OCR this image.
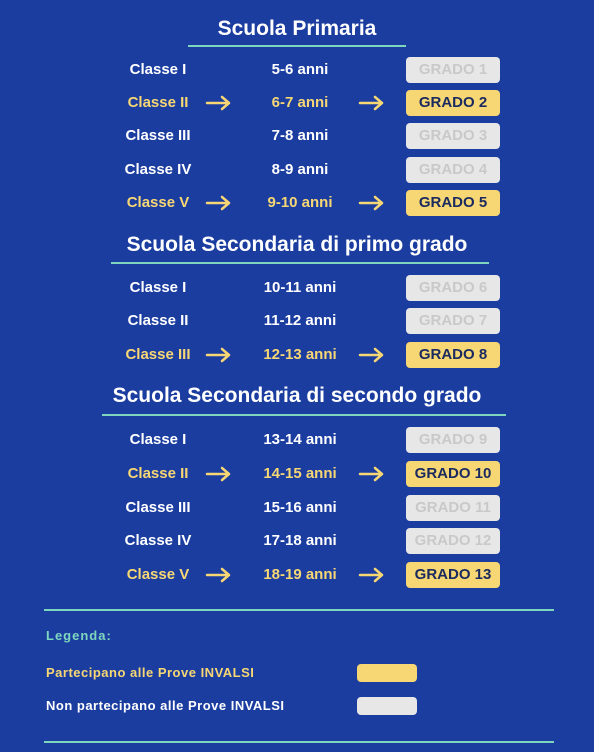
Scuola Primaria
Classe I	5-6 anni	GRADO 1
Classe II	6-7 anni	GRADO 2
Classe III	7-8 anni	GRADO 3
Classe IV	8-9 anni	GRADO 4
Classe V	9-10 anni	GRADO 5
Scuola Secondaria di primo grado
Classe I	10-11 anni	GRADO 6
Classe II	11-12 anni	GRADO 7
Classe III	12-13 anni	GRADO 8
Scuola Secondaria di secondo grado
Classe I	13-14 anni	GRADO 9
Classe II	14-15 anni	GRADO 10
Classe III	15-16 anni	GRADO 11
Classe IV	17-18 anni	GRADO 12
Classe V	18-19 anni	GRADO 13
Legenda:
Partecipano alle Prove INVALSI
Non partecipano alle Prove INVALSI
